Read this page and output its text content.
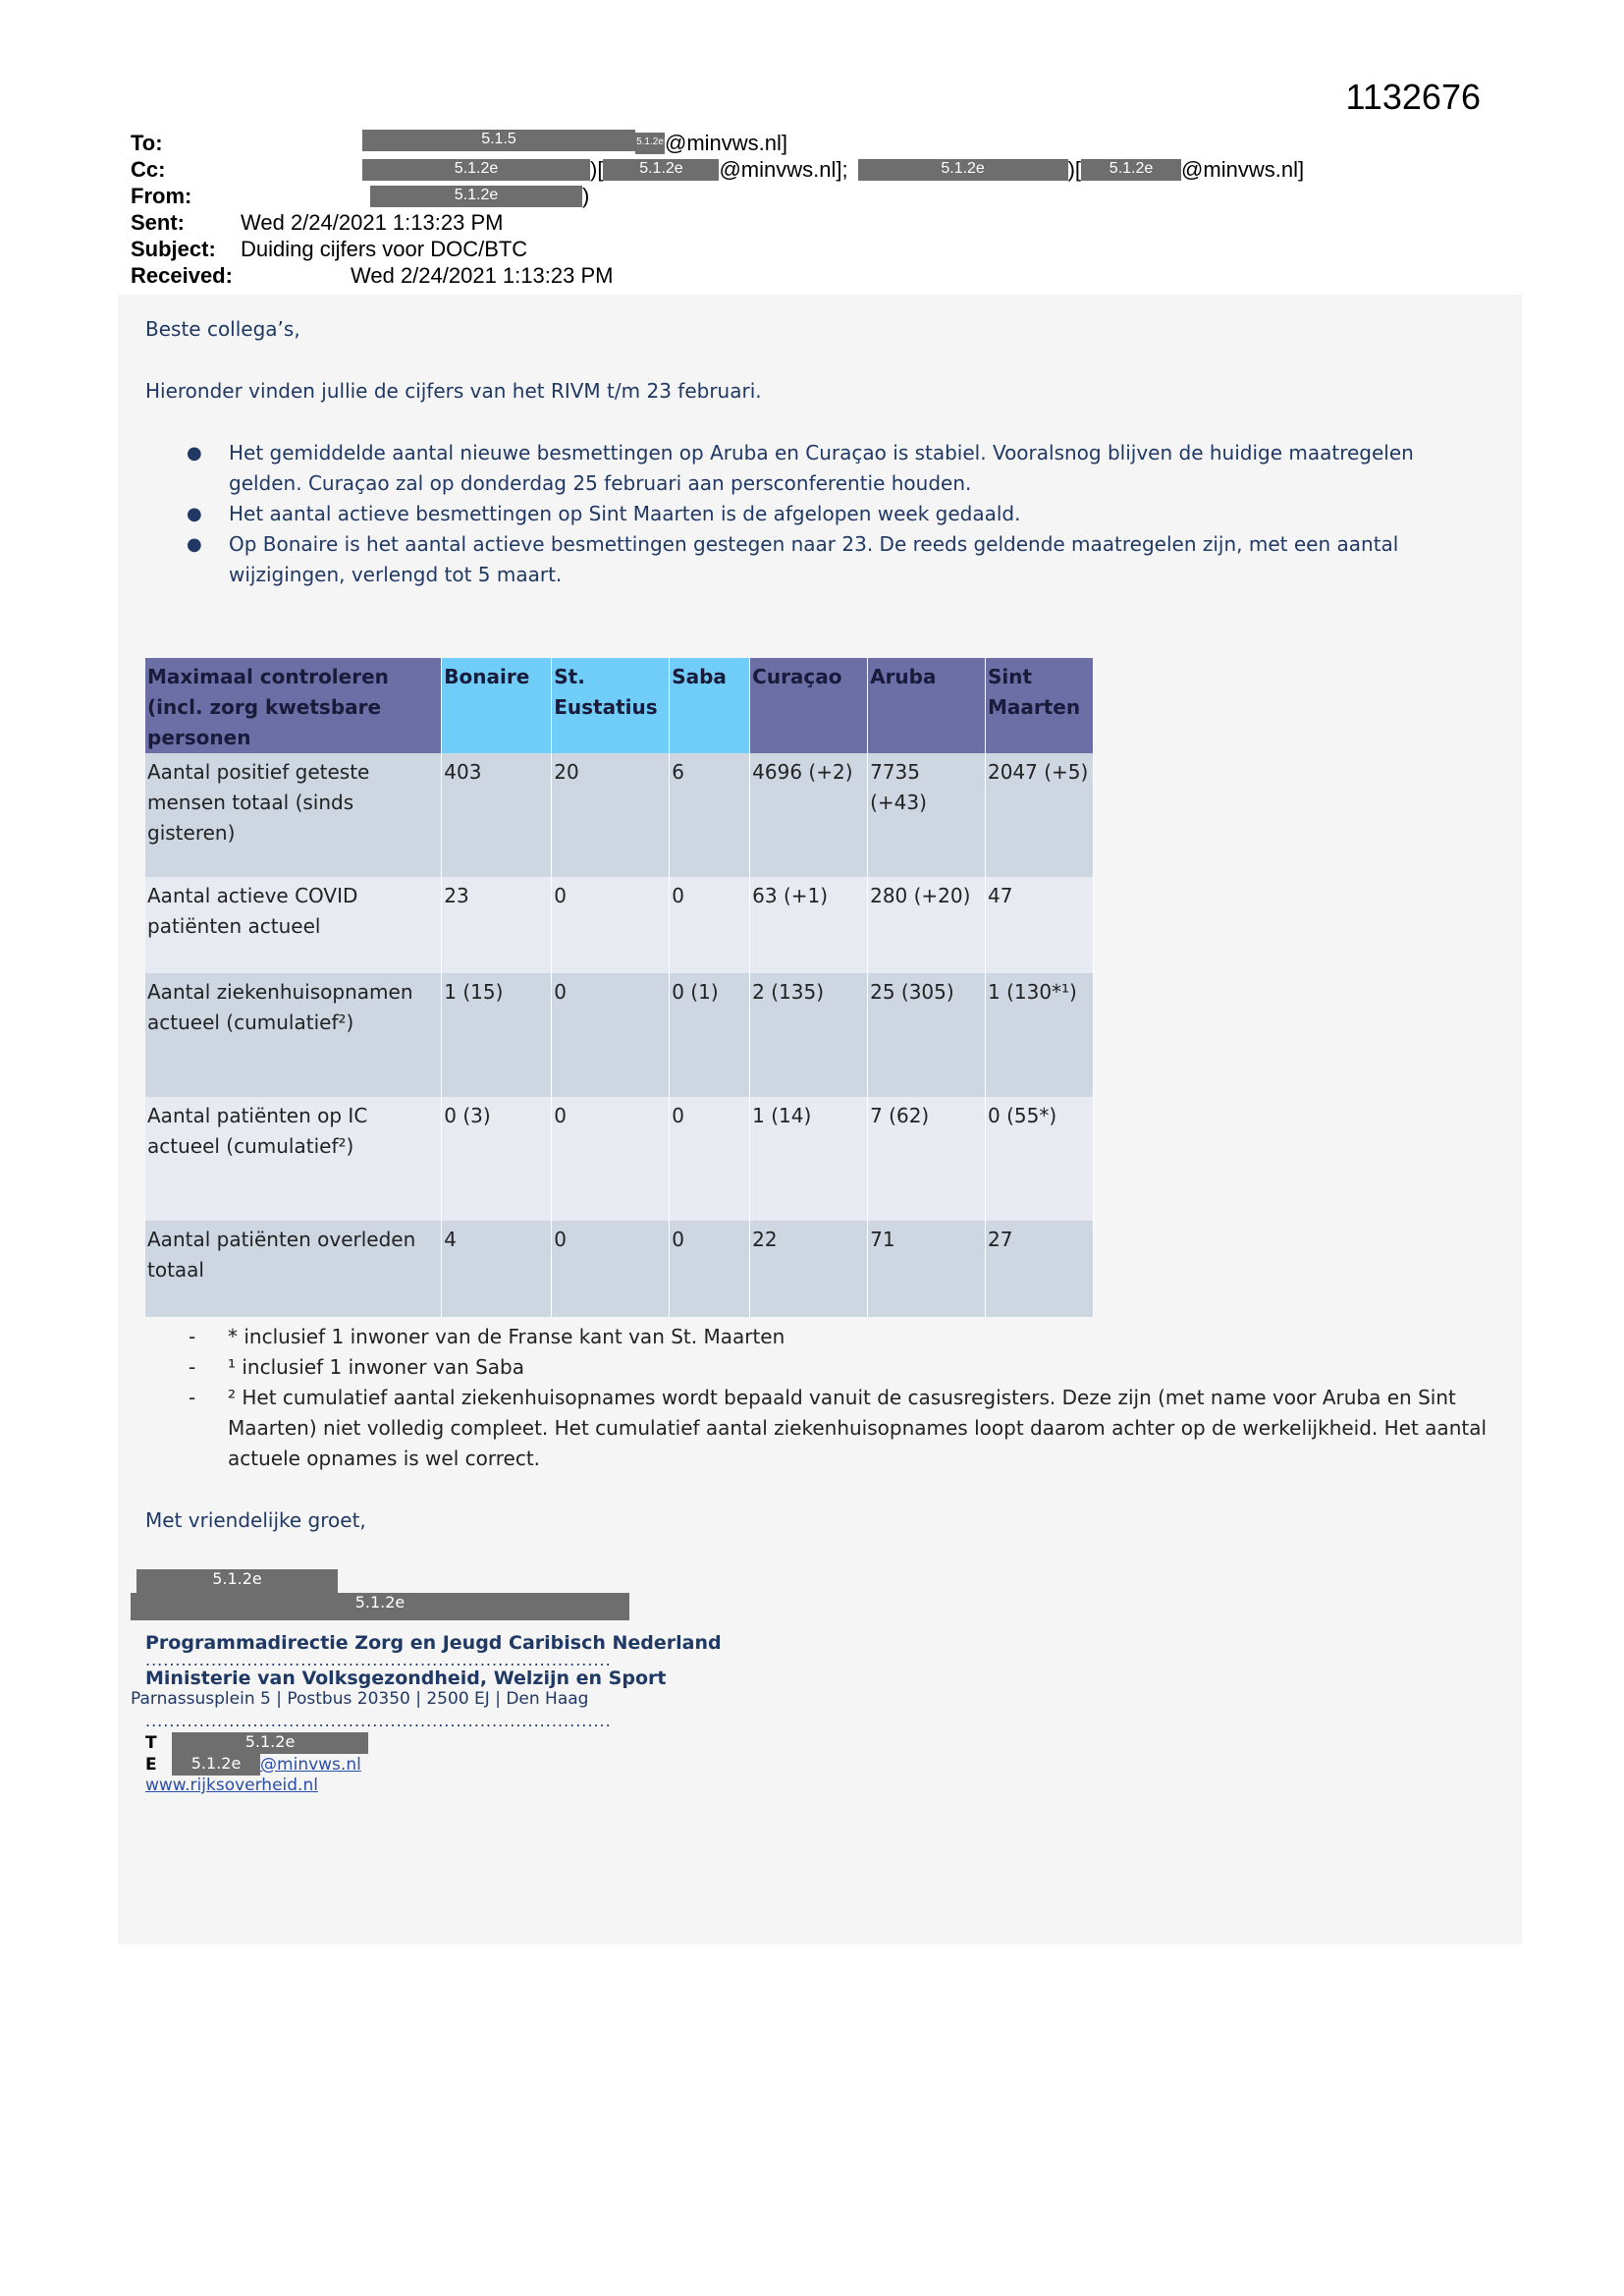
1132676
To:	5.1.5	5.1.2e @minvws.nl]
Cc:	5.1.2e	)[	5.1.2e	@minvws.nl];	5.1.2e	)[	5.1.2e	@minvws.nl]
From:	5.1.2e	)
Sent:	Wed 2/24/2021 1:13:23 PM
Subject:	Duiding cijfers voor DOC/BTC
Received:	Wed 2/24/2021 1:13:23 PM

Beste collega’s,

Hieronder vinden jullie de cijfers van het RIVM t/m 23 februari.

● Het gemiddelde aantal nieuwe besmettingen op Aruba en Curaçao is stabiel. Vooralsnog blijven de huidige maatregelen gelden. Curaçao zal op donderdag 25 februari aan persconferentie houden.
● Het aantal actieve besmettingen op Sint Maarten is de afgelopen week gedaald.
● Op Bonaire is het aantal actieve besmettingen gestegen naar 23. De reeds geldende maatregelen zijn, met een aantal wijzigingen, verlengd tot 5 maart.
Maximaal controleren (incl. zorg kwetsbare personen	Bonaire	St. Eustatius	Saba	Curaçao	Aruba	Sint Maarten
Aantal positief geteste mensen totaal (sinds gisteren)	403	20	6	4696 (+2)	7735 (+43)	2047 (+5)
Aantal actieve COVID patiënten actueel	23	0	0	63 (+1)	280 (+20)	47
Aantal ziekenhuisopnamen actueel (cumulatief²)	1 (15)	0	0 (1)	2 (135)	25 (305)	1 (130*¹)
Aantal patiënten op IC actueel (cumulatief²)	0 (3)	0	0	1 (14)	7 (62)	0 (55*)
Aantal patiënten overleden totaal	4	0	0	22	71	27
- * inclusief 1 inwoner van de Franse kant van St. Maarten
- ¹ inclusief 1 inwoner van Saba
- ² Het cumulatief aantal ziekenhuisopnames wordt bepaald vanuit de casusregisters. Deze zijn (met name voor Aruba en Sint Maarten) niet volledig compleet. Het cumulatief aantal ziekenhuisopnames loopt daarom achter op de werkelijkheid. Het aantal actuele opnames is wel correct.
Met vriendelijke groet,
5.1.2e
5.1.2e
Programmadirectie Zorg en Jeugd Caribisch Nederland
..............................................................................
Ministerie van Volksgezondheid, Welzijn en Sport
Parnassusplein 5 | Postbus 20350 | 2500 EJ | Den Haag
..............................................................................
T	5.1.2e
E 5.1.2e @minvws.nl
www.rijksoverheid.nl
